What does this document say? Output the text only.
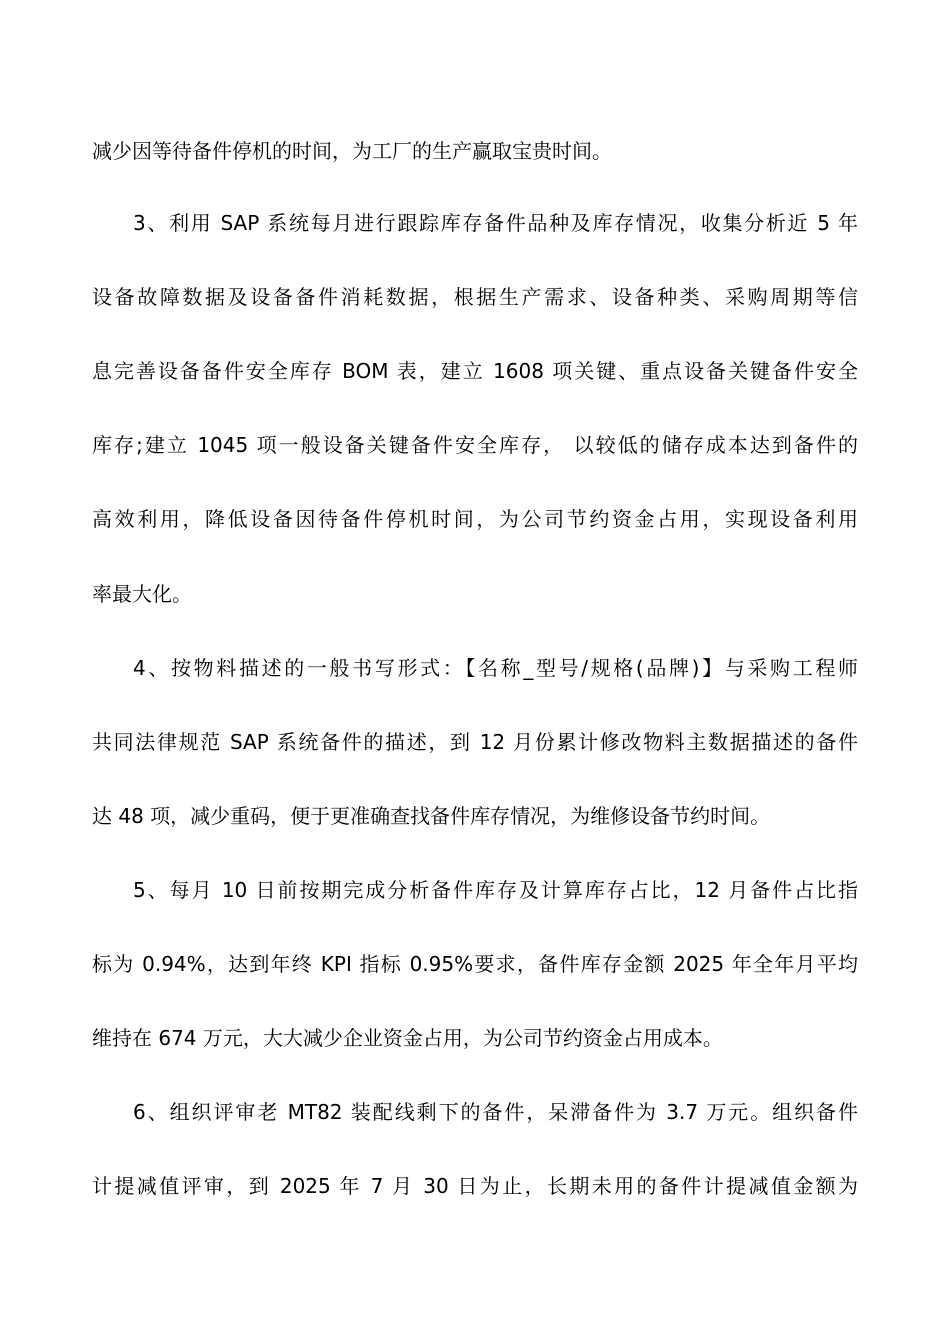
减少因等待备件停机的时间，为工厂的生产赢取宝贵时间。
3、利用 SAP 系统每月进行跟踪库存备件品种及库存情况，收集分析近 5 年
设备故障数据及设备备件消耗数据，根据生产需求、设备种类、采购周期等信
息完善设备备件安全库存 BOM 表，建立 1608 项关键、重点设备关键备件安全
库存;建立 1045 项一般设备关键备件安全库存， 以较低的储存成本达到备件的
高效利用，降低设备因待备件停机时间，为公司节约资金占用，实现设备利用
率最大化。
4、按物料描述的一般书写形式：【名称_型号/规格(品牌)】与采购工程师
共同法律规范 SAP 系统备件的描述，到 12 月份累计修改物料主数据描述的备件
达 48 项，减少重码，便于更准确查找备件库存情况，为维修设备节约时间。
5、每月 10 日前按期完成分析备件库存及计算库存占比，12 月备件占比指
标为 0.94%，达到年终 KPI 指标 0.95%要求，备件库存金额 2025 年全年月平均
维持在 674 万元，大大减少企业资金占用，为公司节约资金占用成本。
6、组织评审老 MT82 装配线剩下的备件，呆滞备件为 3.7 万元。组织备件
计提减值评审，到 2025 年 7 月 30 日为止，长期未用的备件计提减值金额为
